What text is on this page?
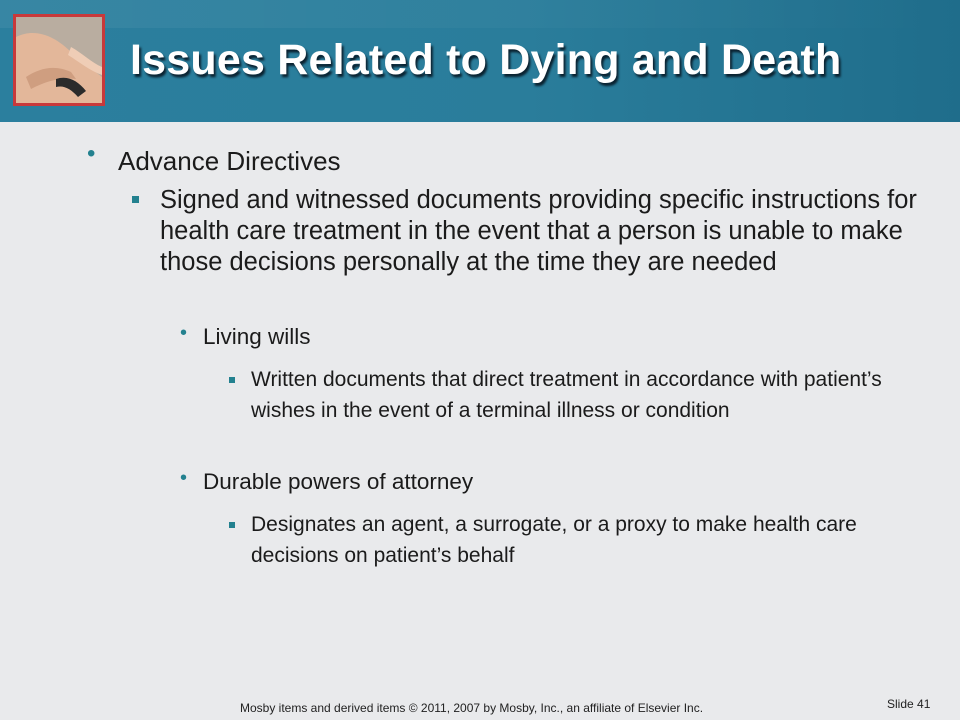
Issues Related to Dying and Death
• Advance Directives
Signed and witnessed documents providing specific instructions for health care treatment in the event that a person is unable to make those decisions personally at the time they are needed
• Living wills
Written documents that direct treatment in accordance with patient’s wishes in the event of a terminal illness or condition
• Durable powers of attorney
Designates an agent, a surrogate, or a proxy to make health care decisions on patient’s behalf
Mosby items and derived items © 2011, 2007 by Mosby, Inc., an affiliate of Elsevier Inc.	Slide 41
